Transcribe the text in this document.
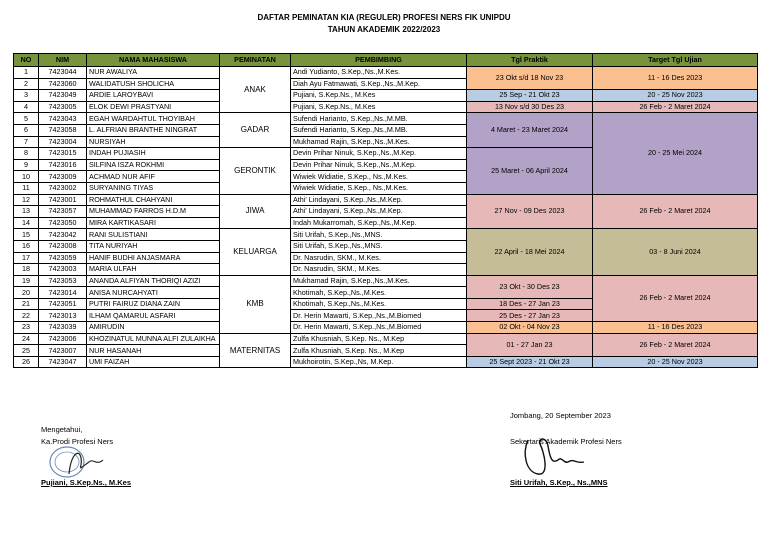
DAFTAR PEMINATAN KIA (REGULER) PROFESI NERS FIK UNIPDU
TAHUN AKADEMIK 2022/2023
NO	NIM	NAMA MAHASISWA	PEMINATAN	PEMBIMBING	Tgl Praktik	Target Tgl Ujian
1	7423044	NUR AWALIYA	ANAK	Andi Yudianto, S.Kep.,Ns.,M.Kes.	23 Okt s/d 18 Nov 23	11 - 16 Des 2023
2	7423060	WALIDATUSH SHOLICHA		Diah Ayu Fatmawati, S.Kep.,Ns.,M.Kep.		
3	7423049	ARDIE LAROYBAVI		Pujiani, S.Kep.Ns., M.Kes	25 Sep - 21 Okt 23	20 - 25 Nov 2023
4	7423005	ELOK DEWI PRASTYANI		Pujiani, S.Kep.Ns., M.Kes	13 Nov s/d 30 Des 23	26 Feb - 2 Maret 2024
5	7423043	EGAH WARDAHTUL THOYIBAH	GADAR	Sufendi Harianto, S.Kep.,Ns.,M.MB.	4 Maret - 23 Maret 2024	20 - 25 Mei 2024
6	7423058	L. ALFRIAN BRANTHE NINGRAT		Sufendi Harianto, S.Kep.,Ns.,M.MB.		
7	7423004	NURSIYAH		Mukhamad Rajin, S.Kep.,Ns.,M.Kes.		
8	7423015	INDAH PUJIASIH	GERONTIK	Devin Prihar Ninuk, S.Kep.,Ns.,M.Kep.	25 Maret - 06 April 2024	
9	7423016	SILFINA ISZA ROKHMI		Devin Prihar Ninuk, S.Kep.,Ns.,M.Kep.		
10	7423009	ACHMAD NUR AFIF		Wiwiek Widiatie, S.Kep., Ns.,M.Kes.		
11	7423002	SURYANING TIYAS		Wiwiek Widiatie, S.Kep., Ns.,M.Kes.		
12	7423001	ROHMATHUL CHAHYANI	JIWA	Athi' Lindayani, S.Kep.,Ns.,M.Kep.	27 Nov - 09 Des 2023	26 Feb - 2 Maret 2024
13	7423057	MUHAMMAD FARROS H.D.M		Athi' Lindayani, S.Kep.,Ns.,M.Kep.		
14	7423050	MIRA KARTIKASARI		Indah Mukarromah, S.Kep.,Ns.,M.Kep.		
15	7423042	RANI SULISTIANI	KELUARGA	Siti Urifah, S.Kep.,Ns.,MNS.	22 April - 18 Mei 2024	03 - 8 Juni 2024
16	7423008	TITA NURIYAH		Siti Urifah, S.Kep.,Ns.,MNS.		
17	7423059	HANIF BUDHI ANJASMARA		Dr. Nasrudin, SKM., M.Kes.		
18	7423003	MARIA ULFAH		Dr. Nasrudin, SKM., M.Kes.		
19	7423053	ANANDA ALFIYAN THORIQI AZIZI	KMB	Mukhamad Rajin, S.Kep.,Ns.,M.Kes.	23 Okt - 30 Des 23	26 Feb - 2 Maret 2024
20	7423014	ANISA NURCAHYATI		Khotimah, S.Kep.,Ns.,M.Kes.		
21	7423051	PUTRI FAIRUZ DIANA ZAIN		Khotimah, S.Kep.,Ns.,M.Kes.	18 Des - 27 Jan 23	
22	7423013	ILHAM QAMARUL ASFARI		Dr. Herin Mawarti, S.Kep.,Ns.,M.Biomed	25 Des - 27 Jan 23	
23	7423039	AMIRUDIN		Dr. Herin Mawarti, S.Kep.,Ns.,M.Biomed	02 Okt - 04 Nov 23	11 - 16 Des 2023
24	7423006	KHOZINATUL MUNNA ALFI ZULAIKHA	MATERNITAS	Zulfa Khusniah, S.Kep. Ns., M.Kep	01 - 27 Jan 23	26 Feb - 2 Maret 2024
25	7423007	NUR HASANAH		Zulfa Khusniah, S.Kep. Ns., M.Kep		
26	7423047	UMI FAIZAH		Mukhoirotin, S.Kep.,Ns, M.Kep.	25 Sept 2023 - 21 Okt 23	20 - 25 Nov 2023
Mengetahui,
Ka.Prodi Profesi Ners
Pujiani, S.Kep.Ns., M.Kes
Jombang, 20 September 2023
Sekertaris Akademik Profesi Ners
Siti Urifah, S.Kep., Ns.,MNS
